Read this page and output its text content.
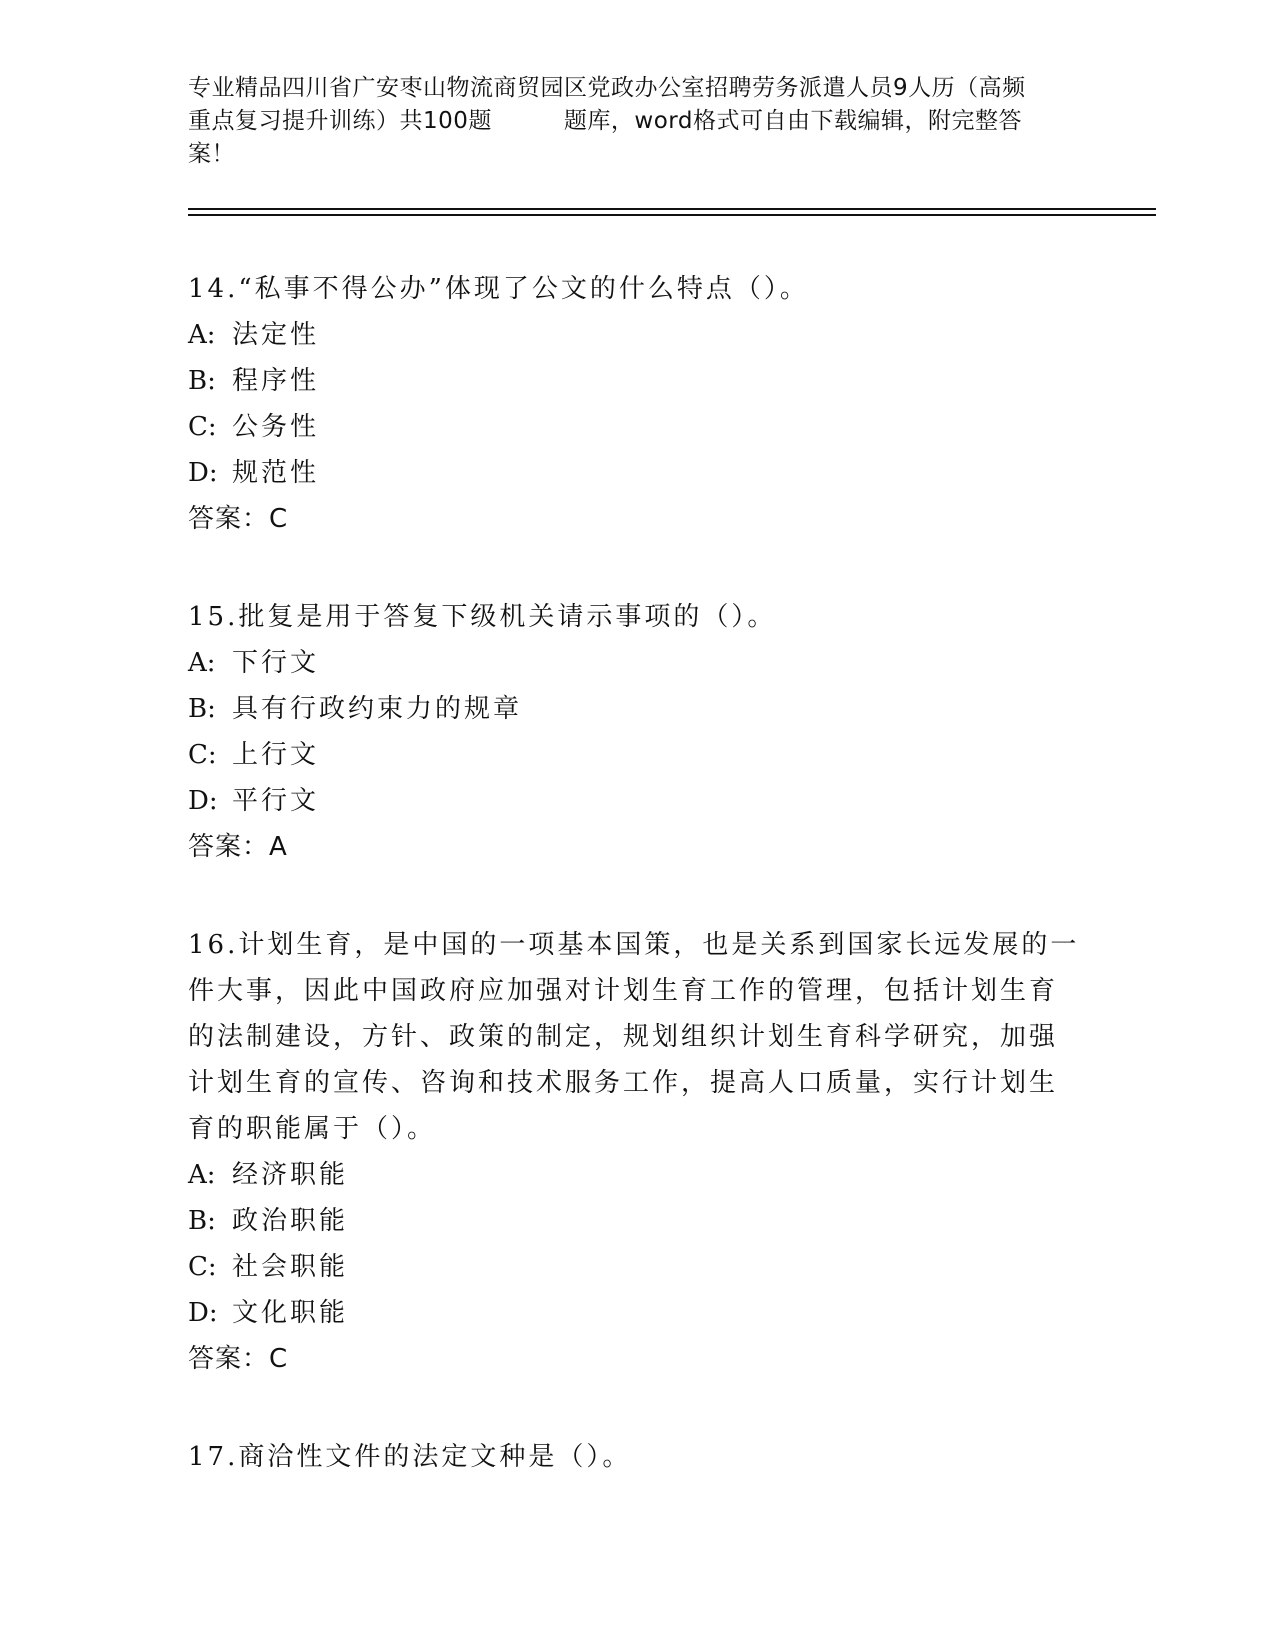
专业精品四川省广安枣山物流商贸园区党政办公室招聘劳务派遣人员9人历（高频
重点复习提升训练）共100题	题库，word格式可自由下载编辑，附完整答
案！

14.“私事不得公办”体现了公文的什么特点（）。

A: 法定性
B: 程序性
C: 公务性
D: 规范性
答案：C

15.批复是用于答复下级机关请示事项的（）。

A: 下行文
B: 具有行政约束力的规章
C: 上行文
D: 平行文
答案：A

16.计划生育，是中国的一项基本国策，也是关系到国家长远发展的一

件大事，因此中国政府应加强对计划生育工作的管理，包括计划生育

的法制建设，方针、政策的制定，规划组织计划生育科学研究，加强

计划生育的宣传、咨询和技术服务工作，提高人口质量，实行计划生

育的职能属于（）。

A: 经济职能
B: 政治职能
C: 社会职能
D: 文化职能
答案：C

17.商洽性文件的法定文种是（）。
